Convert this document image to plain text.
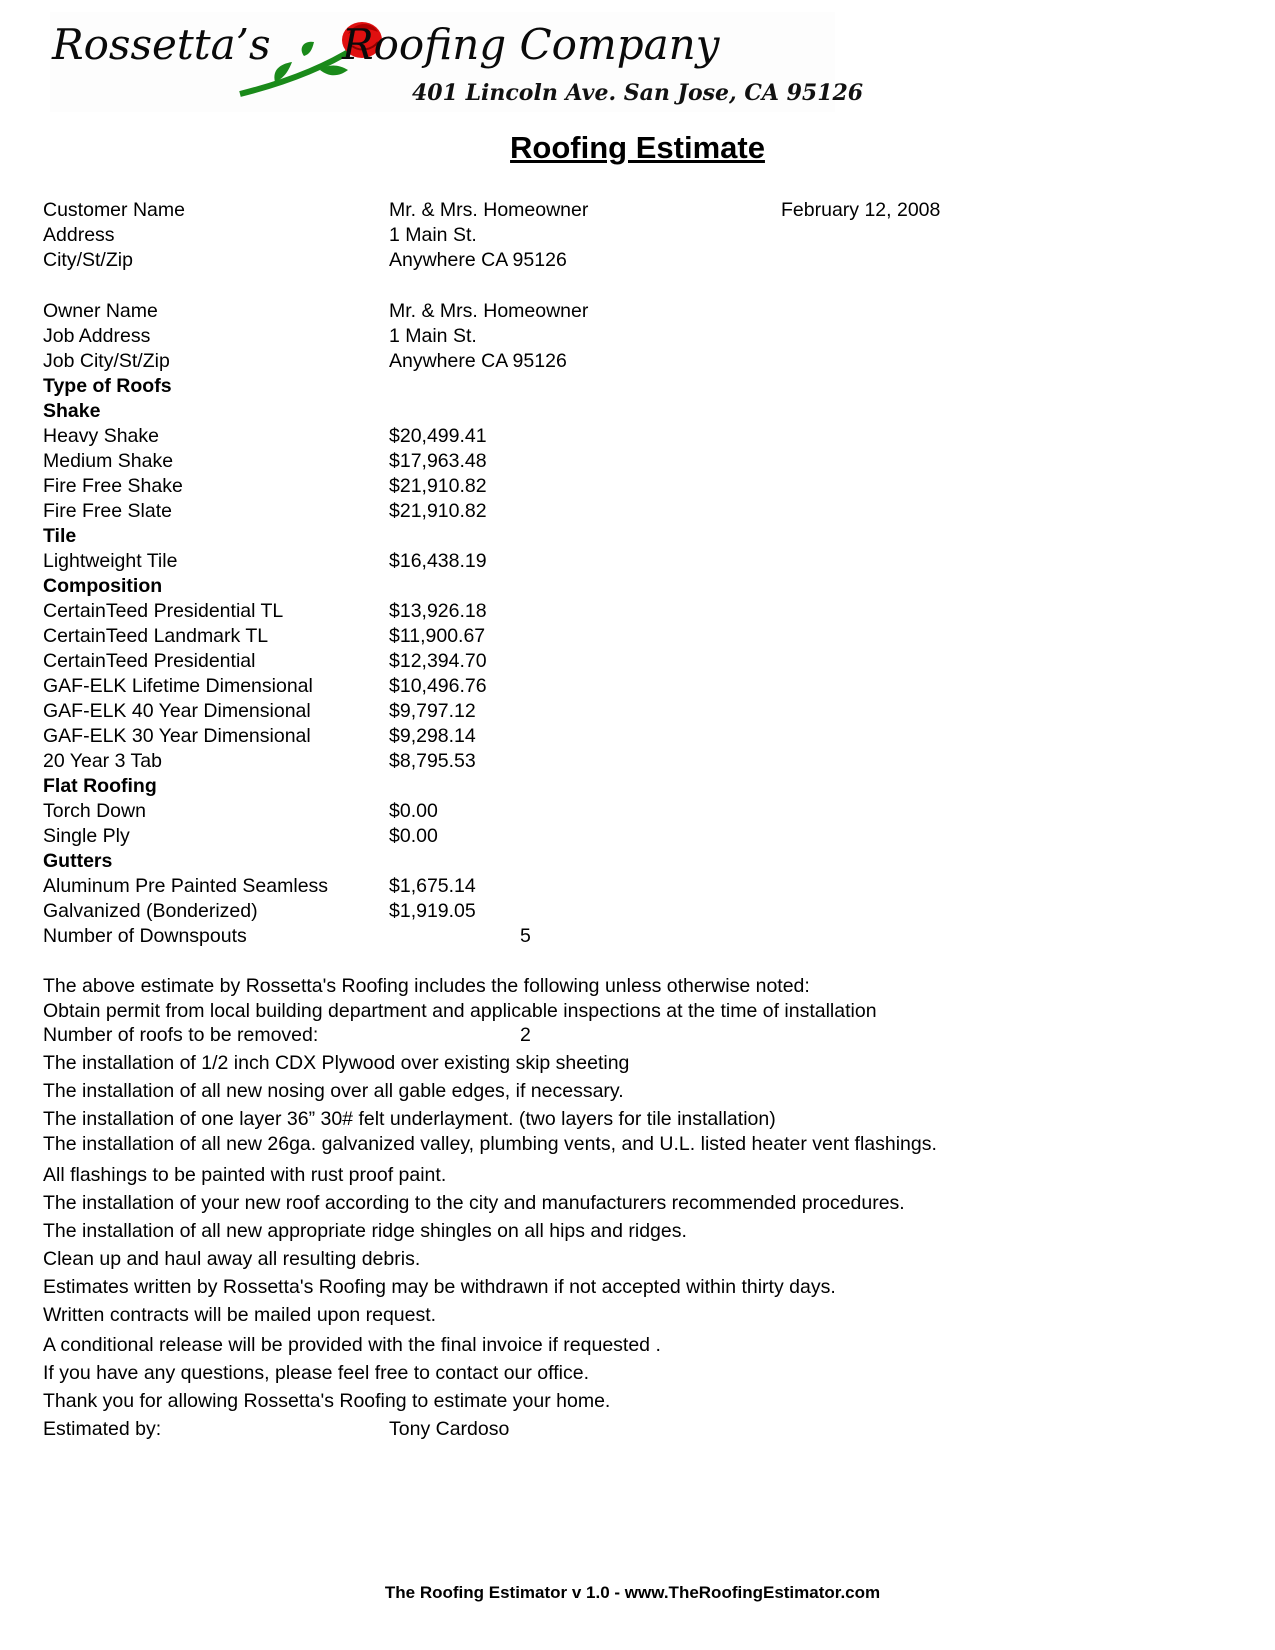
Rossetta’s Roofing Company
401 Lincoln Ave. San Jose, CA 95126
Roofing Estimate
Customer Name	Mr. & Mrs. Homeowner	February 12, 2008
Address	1 Main St.
City/St/Zip	Anywhere CA 95126
Owner Name	Mr. & Mrs. Homeowner
Job Address	1 Main St.
Job City/St/Zip	Anywhere CA 95126
Type of Roofs
Shake
Heavy Shake	$20,499.41
Medium Shake	$17,963.48
Fire Free Shake	$21,910.82
Fire Free Slate	$21,910.82
Tile
Lightweight Tile	$16,438.19
Composition
CertainTeed Presidential TL	$13,926.18
CertainTeed Landmark TL	$11,900.67
CertainTeed Presidential	$12,394.70
GAF-ELK Lifetime Dimensional	$10,496.76
GAF-ELK 40 Year Dimensional	$9,797.12
GAF-ELK 30 Year Dimensional	$9,298.14
20 Year 3 Tab	$8,795.53
Flat Roofing
Torch Down	$0.00
Single Ply	$0.00
Gutters
Aluminum Pre Painted Seamless	$1,675.14
Galvanized (Bonderized)	$1,919.05
Number of Downspouts	5
The above estimate by Rossetta's Roofing includes the following unless otherwise noted:
Obtain permit from local building department and applicable inspections at the time of installation
Number of roofs to be removed:	2
The installation of 1/2 inch CDX Plywood over existing skip sheeting
The installation of all new nosing over all gable edges, if necessary.
The installation of one layer 36” 30# felt underlayment. (two layers for tile installation)
The installation of all new 26ga. galvanized valley, plumbing vents, and U.L. listed heater vent flashings.
All flashings to be painted with rust proof paint.
The installation of your new roof according to the city and manufacturers recommended procedures.
The installation of all new appropriate ridge shingles on all hips and ridges.
Clean up and haul away all resulting debris.
Estimates written by Rossetta's Roofing may be withdrawn if not accepted within thirty days.
Written contracts will be mailed upon request.
A conditional release will be provided with the final invoice if requested .
If you have any questions, please feel free to contact our office.
Thank you for allowing Rossetta's Roofing to estimate your home.
Estimated by:	Tony Cardoso
The Roofing Estimator v 1.0 - www.TheRoofingEstimator.com
